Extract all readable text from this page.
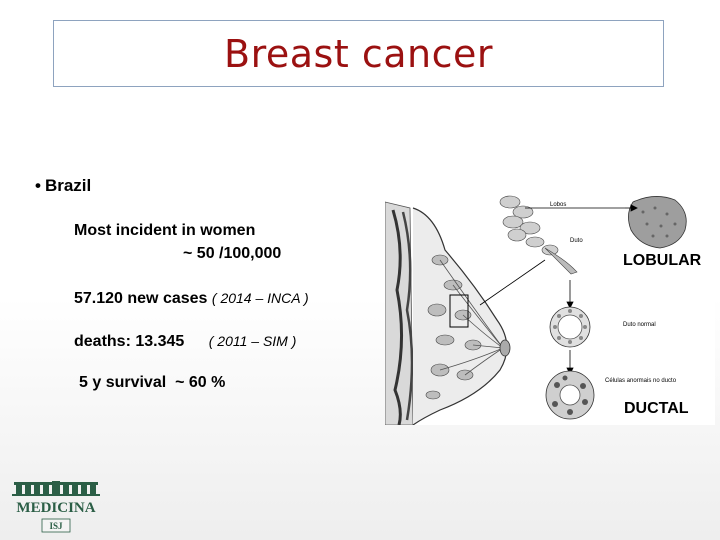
Breast cancer
• Brazil
Most incident in women
~ 50 /100,000
57.120 new cases ( 2014 – INCA )
deaths: 13.345 ( 2011 – SIM )
5 y survival  ~ 60 %
Lobos
Duto
Duto normal
Células anormais no ducto
LOBULAR
DUCTAL
MEDICINA
ISJ
